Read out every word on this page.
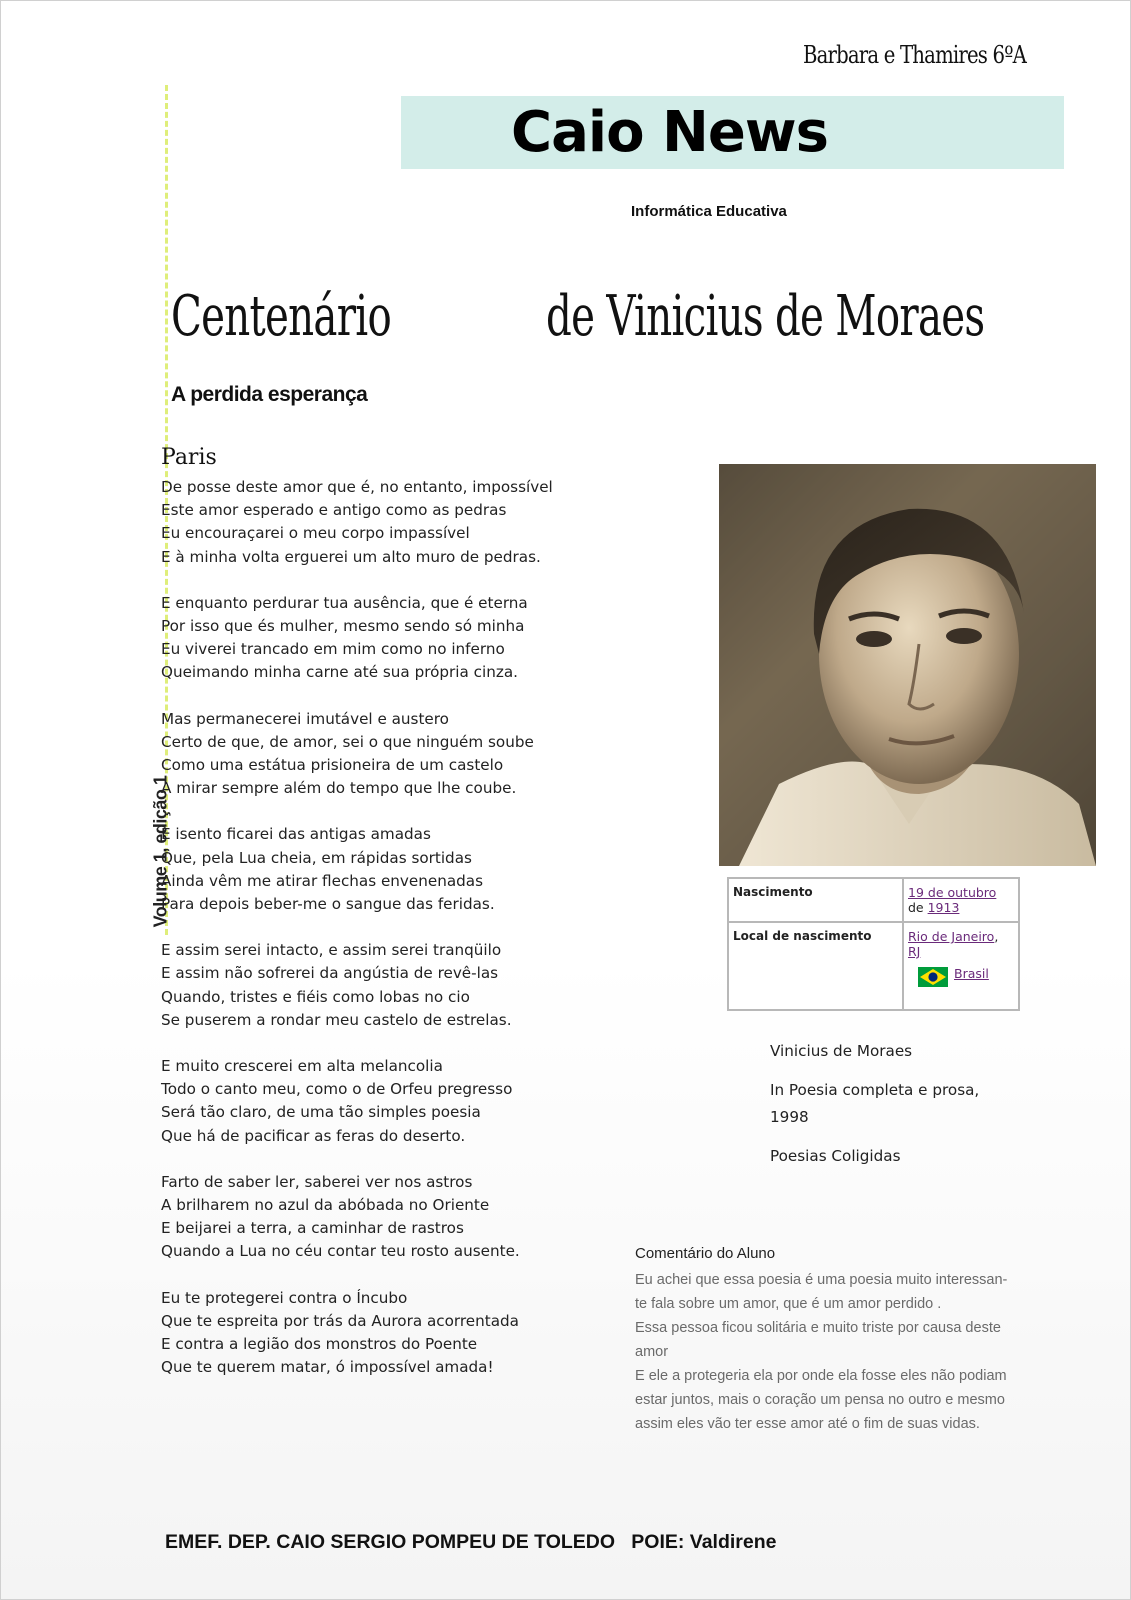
Barbara e Thamires 6ºA
Caio News
Informática Educativa
Volume 1, edição 1
Centenário	de Vinicius de Moraes
A perdida esperança
Paris
De posse deste amor que é, no entanto, impossível
Este amor esperado e antigo como as pedras
Eu encouraçarei o meu corpo impassível
E à minha volta erguerei um alto muro de pedras.
E enquanto perdurar tua ausência, que é eterna
Por isso que és mulher, mesmo sendo só minha
Eu viverei trancado em mim como no inferno
Queimando minha carne até sua própria cinza.
Mas permanecerei imutável e austero
Certo de que, de amor, sei o que ninguém soube
Como uma estátua prisioneira de um castelo
A mirar sempre além do tempo que lhe coube.
E isento ficarei das antigas amadas
Que, pela Lua cheia, em rápidas sortidas
Ainda vêm me atirar flechas envenenadas
Para depois beber-me o sangue das feridas.
E assim serei intacto, e assim serei tranqüilo
E assim não sofrerei da angústia de revê-las
Quando, tristes e fiéis como lobas no cio
Se puserem a rondar meu castelo de estrelas.
E muito crescerei em alta melancolia
Todo o canto meu, como o de Orfeu pregresso
Será tão claro, de uma tão simples poesia
Que há de pacificar as feras do deserto.
Farto de saber ler, saberei ver nos astros
A brilharem no azul da abóbada no Oriente
E beijarei a terra, a caminhar de rastros
Quando a Lua no céu contar teu rosto ausente.
Eu te protegerei contra o Íncubo
Que te espreita por trás da Aurora acorrentada
E contra a legião dos monstros do Poente
Que te querem matar, ó impossível amada!
Nascimento	19 de outubro
de 1913
Local de nascimento	Rio de Janeiro,
RJ
Brasil

Vinicius de Moraes

In Poesia completa e prosa, 1998

Poesias Coligidas

Comentário do Aluno
Eu achei que essa poesia é uma poesia muito interessan-
te fala sobre um amor, que é um amor perdido .
Essa pessoa ficou solitária e muito triste por causa deste
amor
E ele a protegeria ela por onde ela fosse eles não podiam
estar juntos, mais o coração um pensa no outro e mesmo
assim eles vão ter esse amor até o fim de suas vidas.
EMEF. DEP. CAIO SERGIO POMPEU DE TOLEDO   POIE: Valdirene
